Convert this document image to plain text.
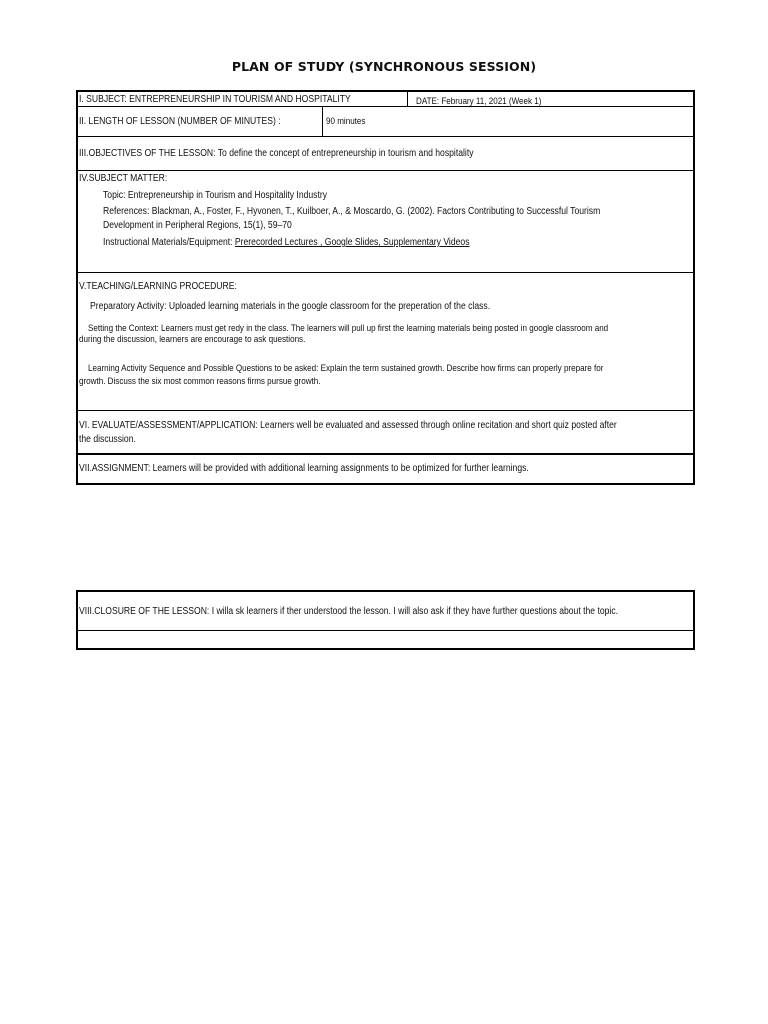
PLAN OF STUDY (SYNCHRONOUS SESSION)
I. SUBJECT: ENTREPRENEURSHIP IN TOURISM AND HOSPITALITY	DATE: February 11, 2021 (Week 1)
II. LENGTH OF LESSON (NUMBER OF MINUTES) :	90 minutes
III.OBJECTIVES OF THE LESSON: To define the concept of entrepreneurship in tourism and hospitality
IV.SUBJECT MATTER:
Topic: Entrepreneurship in Tourism and Hospitality Industry
References: Blackman, A., Foster, F., Hyvonen, T., Kuilboer, A., & Moscardo, G. (2002). Factors Contributing to Successful Tourism
Development in Peripheral Regions, 15(1), 59–70
Instructional Materials/Equipment: Prerecorded Lectures , Google Slides, Supplementary Videos
V.TEACHING/LEARNING PROCEDURE:
Preparatory Activity: Uploaded learning materials in the google classroom for the preperation of the class.
Setting the Context: Learners must get redy in the class. The learners will pull up first the learning materials being posted in google classroom and
during the discussion, learners are encourage to ask questions.
Learning Activity Sequence and Possible Questions to be asked: Explain the term sustained growth. Describe how firms can properly prepare for
growth. Discuss the six most common reasons firms pursue growth.
VI. EVALUATE/ASSESSMENT/APPLICATION: Learners well be evaluated and assessed through online recitation and short quiz posted after
the discussion.
VII.ASSIGNMENT: Learners will be provided with additional learning assignments to be optimized for further learnings.
VIII.CLOSURE OF THE LESSON: I willa sk learners if ther understood the lesson. I will also ask if they have further questions about the topic.
